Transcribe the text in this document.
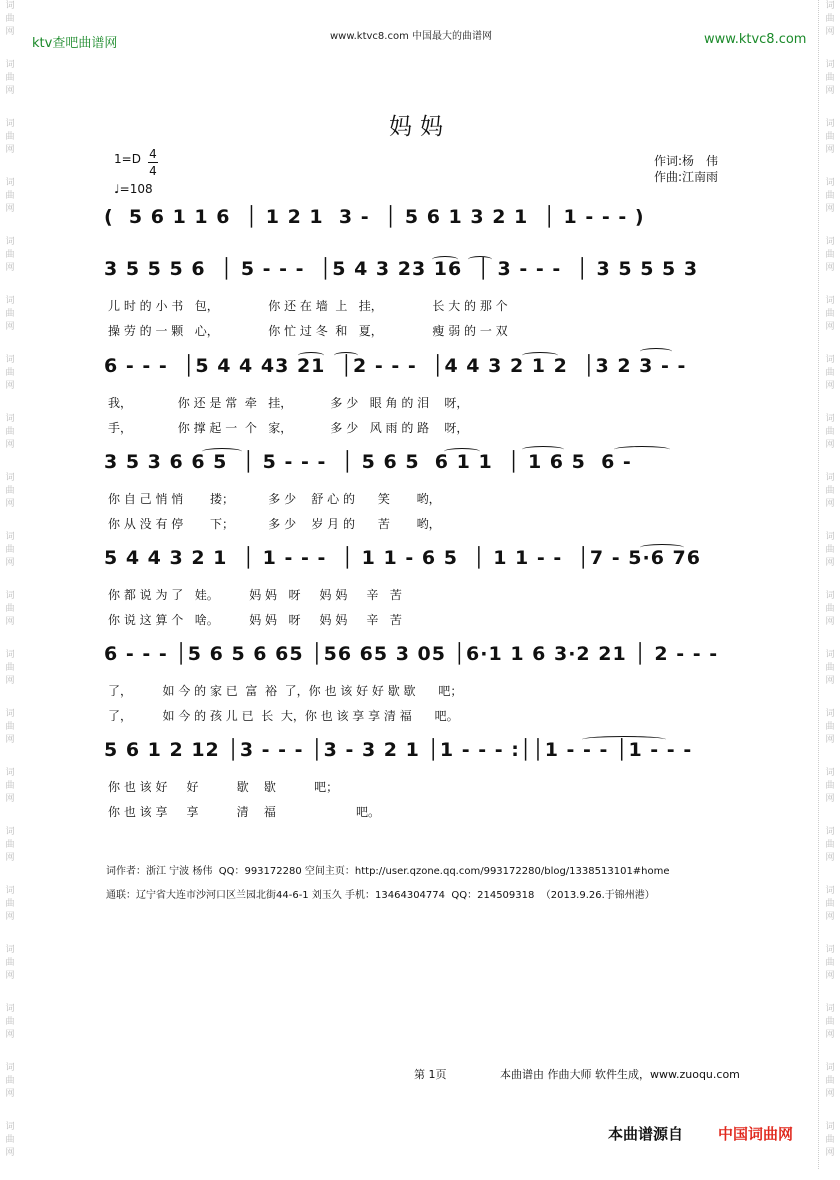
词
曲
网
词
曲
网
词
曲
网
词
曲
网
词
曲
网
词
曲
网
词
曲
网
词
曲
网
词
曲
网
词
曲
网
词
曲
网
词
曲
网
词
曲
网
词
曲
网
词
曲
网
词
曲
网
词
曲
网
词
曲
网
词
曲
网
词
曲
网
词
曲
网
词
曲
网
词
曲
网
词
曲
网
词
曲
网
词
曲
网
词
曲
网
词
曲
网
词
曲
网
词
曲
网
词
曲
网
词
曲
网
词
曲
网
词
曲
网
词
曲
网
词
曲
网
词
曲
网
词
曲
网
词
曲
网
词
曲
网
ktv查吧曲谱网	www.ktvc8.com 中国最大的曲谱网	www.ktvc8.com
妈妈
$1=D \frac{4}{4}$
♩=108
作词:杨　伟
作曲:江南雨
(  5 6 1 1 6  │ 1 2 1  3 -  │ 5 6 1 3 2 1  │ 1 - - - )
3 5 5 5 6  │ 5 - - -  │5 4 3 23 16  │ 3 - - -  │ 3 5 5 5 3
6 - - -  │5 4 4 43 21  │2 - - -  │4 4 3 2 1 2  │3 2 3 - -
3 5 3 6 6 5  │ 5 - - -  │ 5 6 5  6 1 1  │ 1 6 5  6 -
5 4 4 3 2 1  │ 1 - - -  │ 1 1 - 6 5  │ 1 1 - -  │7 - 5·6 76
6 - - - │5 6 5 6 65 │56 65 3 05 │6·1 1 6 3·2 21 │ 2 - - -
5 6 1 2 12 │3 - - - │3 - 3 2 1 │1 - - - :││1 - - - │1 - - -
儿 时 的 小 书   包，             你 还 在 墙  上   挂，             长 大 的 那 个
操 劳 的 一 颗   心，             你 忙 过 冬  和   夏，             瘦 弱 的 一 双
我，            你 还 是 常  牵   挂，          多 少   眼 角 的 泪    呀，
手，            你 撑 起 一  个   家，          多 少   风 雨 的 路    呀，
你 自 己 悄 悄       搂；         多 少    舒 心 的      笑       哟，
你 从 没 有 停       下；         多 少    岁 月 的      苦       哟，
你 都 说 为 了   娃。        妈 妈   呀     妈 妈     辛   苦
你 说 这 算 个   啥。        妈 妈   呀     妈 妈     辛   苦
了，        如 今 的 家 已  富  裕  了，你 也 该 好 好 歇 歇      吧；
了，        如 今 的 孩 儿 已  长  大，你 也 该 享 享 清 福      吧。
你 也 该 好     好          歇    歇          吧；
你 也 该 享     享          清    福                     吧。
词作者：浙江 宁波 杨伟  QQ：993172280 空间主页：http://user.qzone.qq.com/993172280/blog/1338513101#home
通联：辽宁省大连市沙河口区兰园北街44-6-1 刘玉久 手机：13464304774  QQ：214509318  （2013.9.26.于锦州港）
第 1页	本曲谱由 作曲大师 软件生成，www.zuoqu.com
本曲谱源自 中国词曲网
